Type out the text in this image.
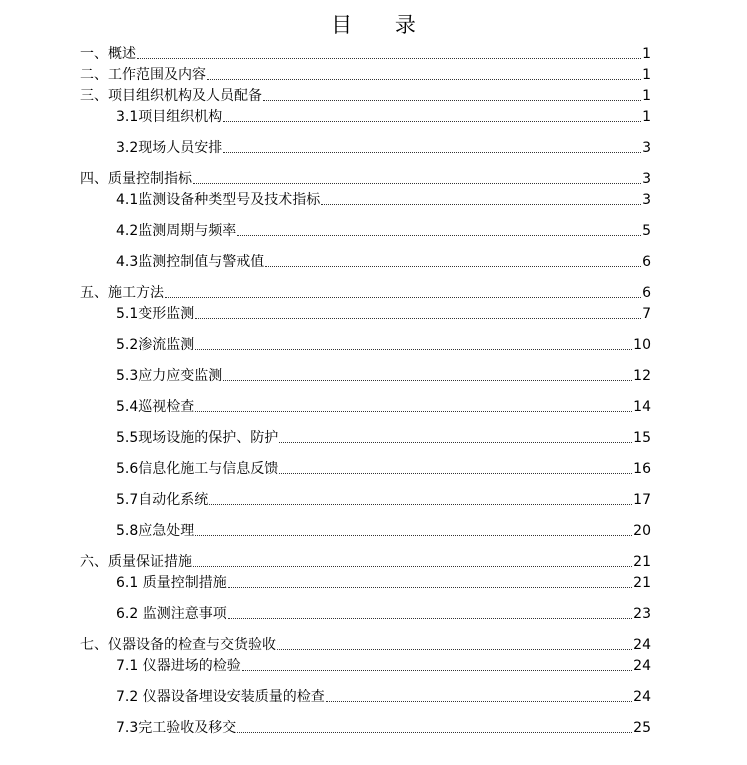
目 录
一、概述	1
二、工作范围及内容	1
三、项目组织机构及人员配备	1
3.1项目组织机构	1
3.2现场人员安排	3
四、质量控制指标	3
4.1监测设备种类型号及技术指标	3
4.2监测周期与频率	5
4.3监测控制值与警戒值	6
五、施工方法	6
5.1变形监测	7
5.2渗流监测	10
5.3应力应变监测	12
5.4巡视检查	14
5.5现场设施的保护、防护	15
5.6信息化施工与信息反馈	16
5.7自动化系统	17
5.8应急处理	20
六、质量保证措施	21
6.1 质量控制措施	21
6.2 监测注意事项	23
七、仪器设备的检查与交货验收	24
7.1 仪器进场的检验	24
7.2 仪器设备埋设安装质量的检查	24
7.3完工验收及移交	25
